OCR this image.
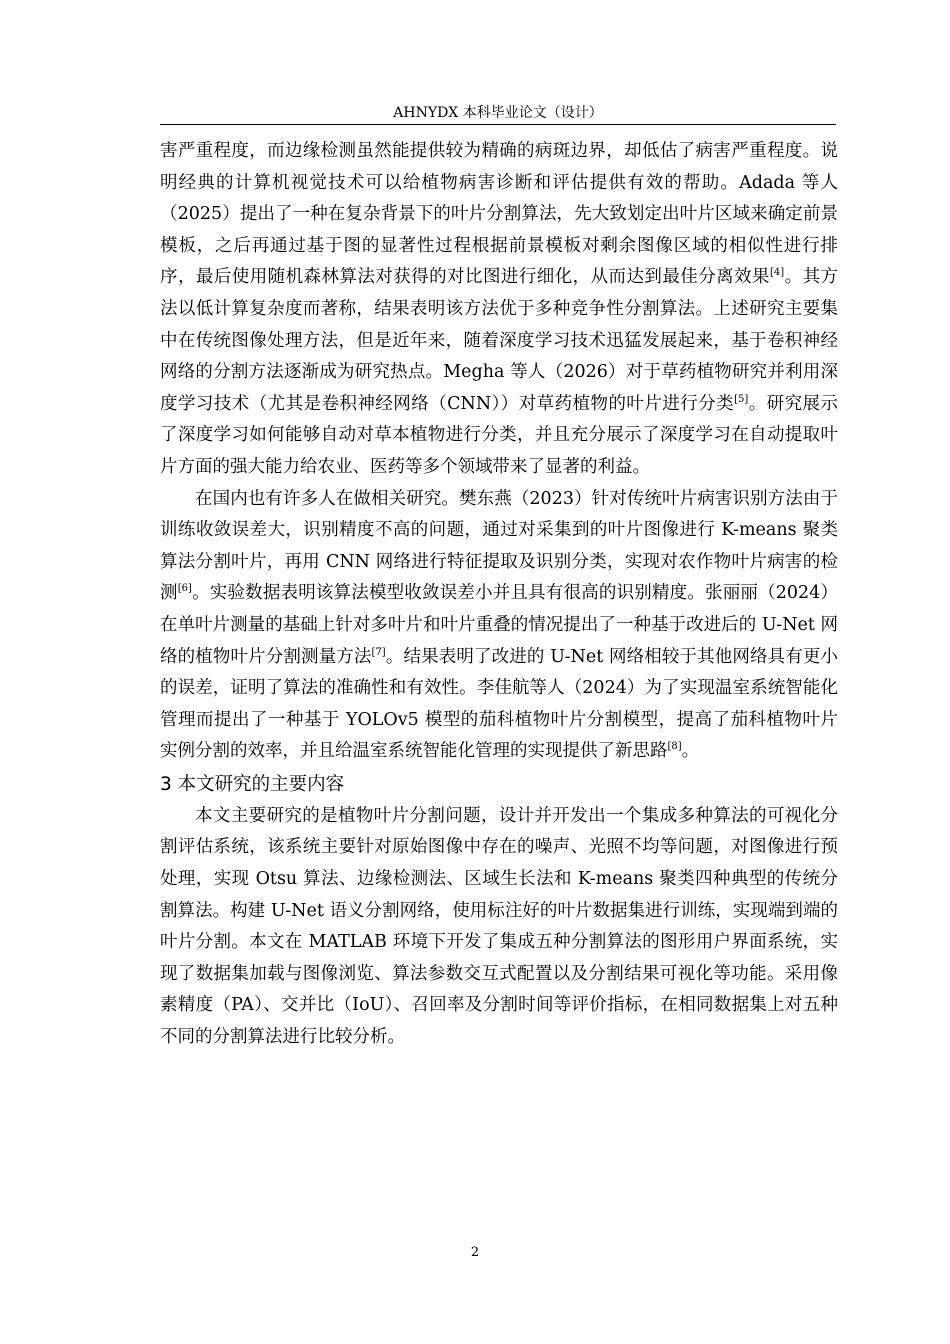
AHNYDX 本科毕业论文（设计）

害严重程度，而边缘检测虽然能提供较为精确的病斑边界，却低估了病害严重程度。说明经典的计算机视觉技术可以给植物病害诊断和评估提供有效的帮助。Adada 等人（2025）提出了一种在复杂背景下的叶片分割算法，先大致划定出叶片区域来确定前景模板，之后再通过基于图的显著性过程根据前景模板对剩余图像区域的相似性进行排序，最后使用随机森林算法对获得的对比图进行细化，从而达到最佳分离效果[4]。其方法以低计算复杂度而著称，结果表明该方法优于多种竞争性分割算法。上述研究主要集中在传统图像处理方法，但是近年来，随着深度学习技术迅猛发展起来，基于卷积神经网络的分割方法逐渐成为研究热点。Megha 等人（2026）对于草药植物研究并利用深度学习技术（尤其是卷积神经网络（CNN））对草药植物的叶片进行分类[5]。研究展示了深度学习如何能够自动对草本植物进行分类，并且充分展示了深度学习在自动提取叶片方面的强大能力给农业、医药等多个领域带来了显著的利益。

在国内也有许多人在做相关研究。樊东燕（2023）针对传统叶片病害识别方法由于训练收敛误差大，识别精度不高的问题，通过对采集到的叶片图像进行 K-means 聚类算法分割叶片，再用 CNN 网络进行特征提取及识别分类，实现对农作物叶片病害的检测[6]。实验数据表明该算法模型收敛误差小并且具有很高的识别精度。张丽丽（2024）在单叶片测量的基础上针对多叶片和叶片重叠的情况提出了一种基于改进后的 U-Net 网络的植物叶片分割测量方法[7]。结果表明了改进的 U-Net 网络相较于其他网络具有更小的误差，证明了算法的准确性和有效性。李佳航等人（2024）为了实现温室系统智能化管理而提出了一种基于 YOLOv5 模型的茄科植物叶片分割模型，提高了茄科植物叶片实例分割的效率，并且给温室系统智能化管理的实现提供了新思路[8]。

3 本文研究的主要内容

本文主要研究的是植物叶片分割问题，设计并开发出一个集成多种算法的可视化分割评估系统，该系统主要针对原始图像中存在的噪声、光照不均等问题，对图像进行预处理，实现 Otsu 算法、边缘检测法、区域生长法和 K-means 聚类四种典型的传统分割算法。构建 U-Net 语义分割网络，使用标注好的叶片数据集进行训练，实现端到端的叶片分割。本文在 MATLAB 环境下开发了集成五种分割算法的图形用户界面系统，实现了数据集加载与图像浏览、算法参数交互式配置以及分割结果可视化等功能。采用像素精度（PA）、交并比（IoU）、召回率及分割时间等评价指标，在相同数据集上对五种不同的分割算法进行比较分析。

2
